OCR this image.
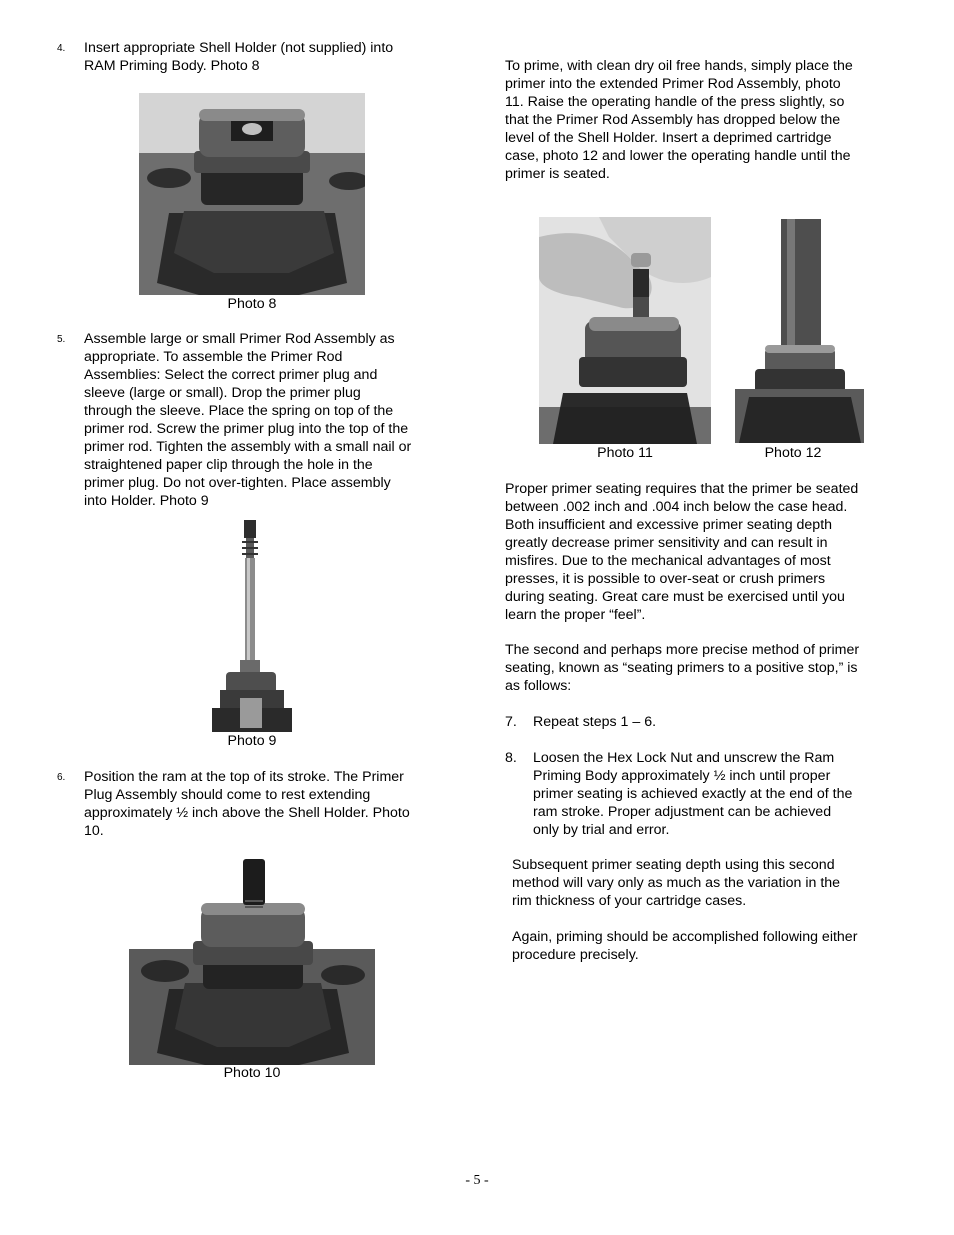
4. Insert appropriate Shell Holder (not supplied) into
RAM Priming Body. Photo 8
Photo 8
5. Assemble large or small Primer Rod Assembly as
appropriate. To assemble the Primer Rod
Assemblies: Select the correct primer plug and
sleeve (large or small). Drop the primer plug
through the sleeve. Place the spring on top of the
primer rod. Screw the primer plug into the top of the
primer rod. Tighten the assembly with a small nail or
straightened paper clip through the hole in the
primer plug. Do not over-tighten. Place assembly
into Holder. Photo 9
Photo 9
6. Position the ram at the top of its stroke. The Primer
Plug Assembly should come to rest extending
approximately ½ inch above the Shell Holder. Photo
10.
Photo 10
To prime, with clean dry oil free hands, simply place the
primer into the extended Primer Rod Assembly, photo
11. Raise the operating handle of the press slightly, so
that the Primer Rod Assembly has dropped below the
level of the Shell Holder. Insert a deprimed cartridge
case, photo 12 and lower the operating handle until the
primer is seated.
Photo 11	Photo 12
Proper primer seating requires that the primer be seated
between .002 inch and .004 inch below the case head.
Both insufficient and excessive primer seating depth
greatly decrease primer sensitivity and can result in
misfires. Due to the mechanical advantages of most
presses, it is possible to over-seat or crush primers
during seating. Great care must be exercised until you
learn the proper “feel”.
The second and perhaps more precise method of primer
seating, known as “seating primers to a positive stop,” is
as follows:
7. Repeat steps 1 – 6.
8. Loosen the Hex Lock Nut and unscrew the Ram
Priming Body approximately ½ inch until proper
primer seating is achieved exactly at the end of the
ram stroke. Proper adjustment can be achieved
only by trial and error.
Subsequent primer seating depth using this second
method will vary only as much as the variation in the
rim thickness of your cartridge cases.
Again, priming should be accomplished following either
procedure precisely.
- 5 -
